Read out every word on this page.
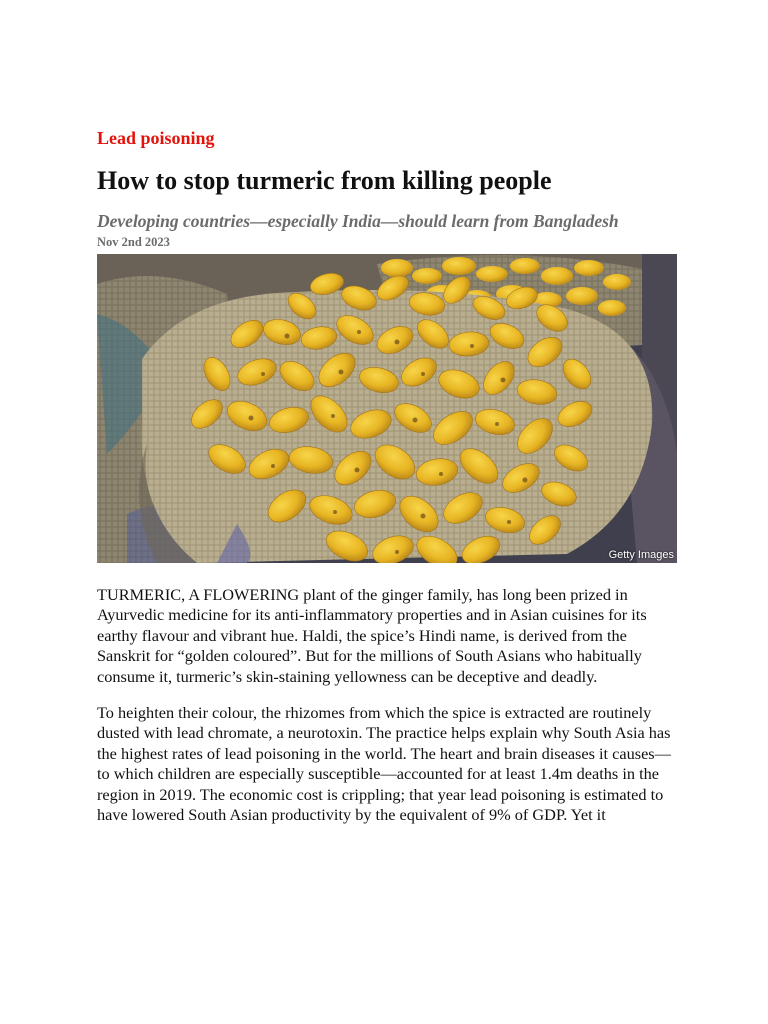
Lead poisoning
How to stop turmeric from killing people
Developing countries—especially India—should learn from Bangladesh
Nov 2nd 2023
Getty Images

TURMERIC, A FLOWERING plant of the ginger family, has long been prized in Ayurvedic medicine for its anti-inflammatory properties and in Asian cuisines for its earthy flavour and vibrant hue. Haldi, the spice’s Hindi name, is derived from the Sanskrit for “golden coloured”. But for the millions of South Asians who habitually consume it, turmeric’s skin-staining yellowness can be deceptive and deadly.

To heighten their colour, the rhizomes from which the spice is extracted are routinely dusted with lead chromate, a neurotoxin. The practice helps explain why South Asia has the highest rates of lead poisoning in the world. The heart and brain diseases it causes—to which children are especially susceptible—accounted for at least 1.4m deaths in the region in 2019. The economic cost is crippling; that year lead poisoning is estimated to have lowered South Asian productivity by the equivalent of 9% of GDP. Yet it
